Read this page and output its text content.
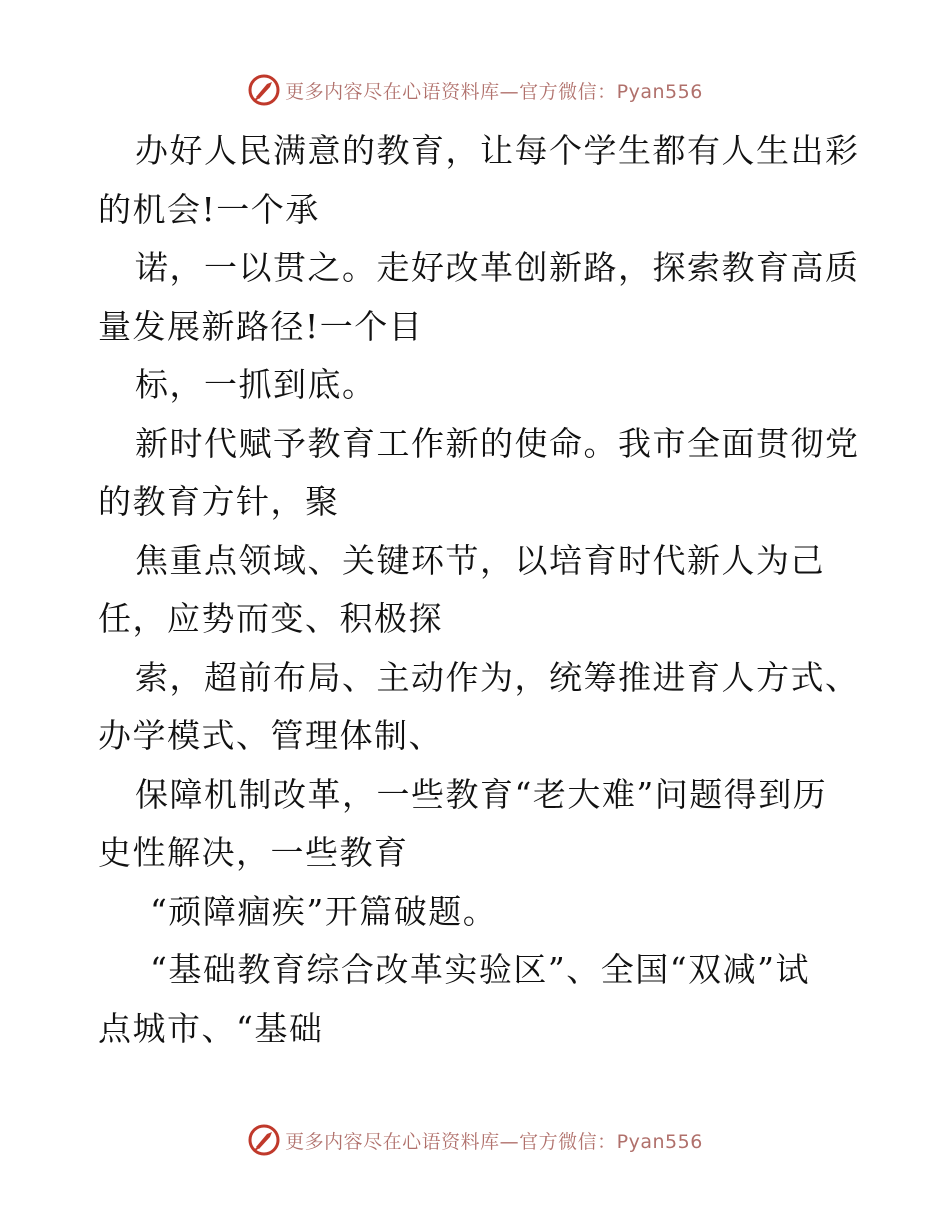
更多内容尽在心语资料库—官方微信：Pyan556
办好人民满意的教育，让每个学生都有人生出彩
的机会!一个承
诺，一以贯之。走好改革创新路，探索教育高质
量发展新路径!一个目
标，一抓到底。
新时代赋予教育工作新的使命。我市全面贯彻党
的教育方针，聚
焦重点领域、关键环节，以培育时代新人为己
任，应势而变、积极探
索，超前布局、主动作为，统筹推进育人方式、
办学模式、管理体制、
保障机制改革，一些教育“老大难”问题得到历
史性解决，一些教育
“顽障痼疾”开篇破题。
“基础教育综合改革实验区”、全国“双减”试
点城市、“基础
更多内容尽在心语资料库—官方微信：Pyan556
